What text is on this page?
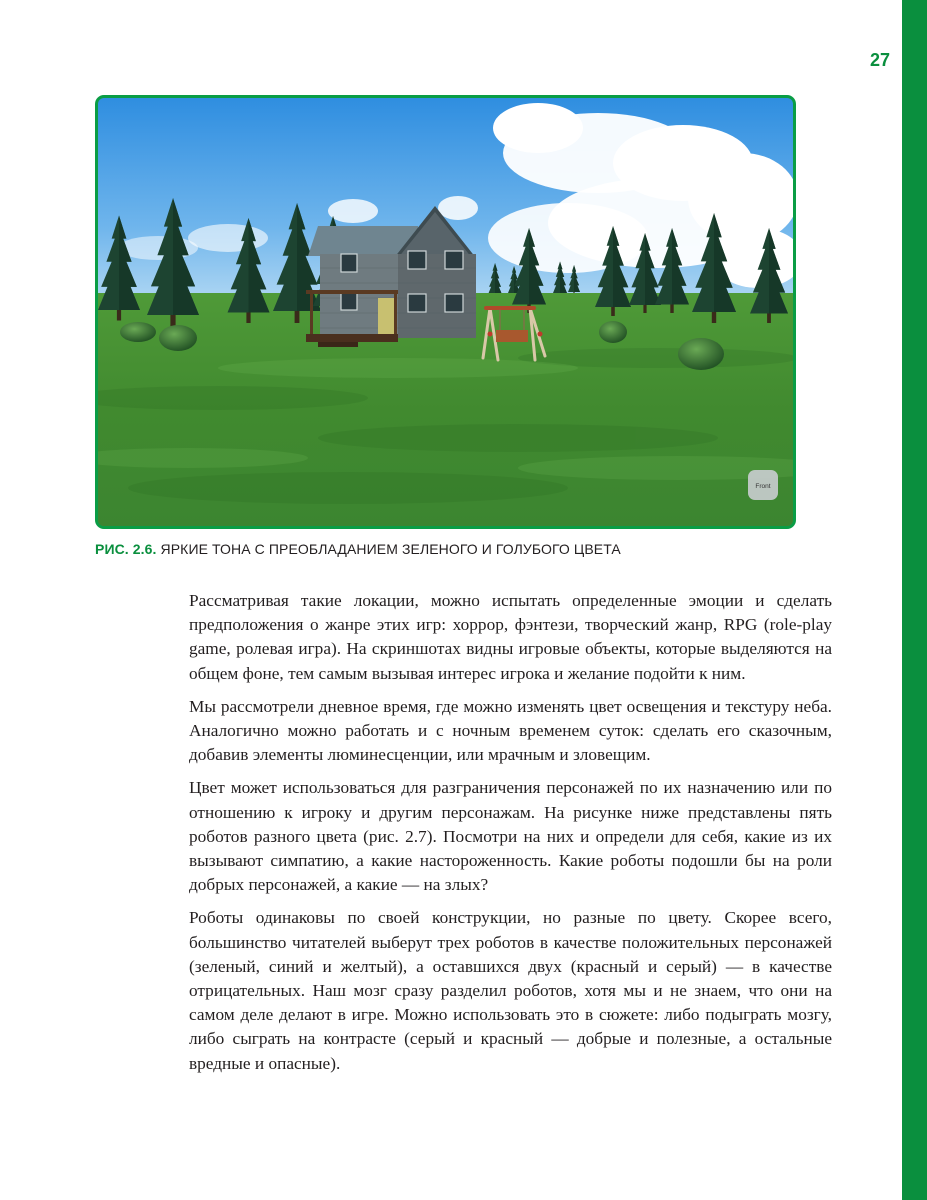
27
Front
РИС. 2.6. ЯРКИЕ ТОНА С ПРЕОБЛАДАНИЕМ ЗЕЛЕНОГО И ГОЛУБОГО ЦВЕТА

Рассматривая такие локации, можно испытать определенные эмоции и сделать предположения о жанре этих игр: хоррор, фэнтези, творческий жанр, RPG (role-play game, ролевая игра). На скриншотах видны игровые объекты, которые выделяются на общем фоне, тем самым вызывая интерес игрока и желание подойти к ним.

Мы рассмотрели дневное время, где можно изменять цвет освещения и текстуру неба. Аналогично можно работать и с ночным временем суток: сделать его сказочным, добавив элементы люминесценции, или мрачным и зловещим.

Цвет может использоваться для разграничения персонажей по их назначению или по отношению к игроку и другим персонажам. На рисунке ниже представлены пять роботов разного цвета (рис. 2.7). Посмотри на них и определи для себя, какие из их вызывают симпатию, а какие настороженность. Какие роботы подошли бы на роли добрых персонажей, а какие — на злых?

Роботы одинаковы по своей конструкции, но разные по цвету. Скорее всего, большинство читателей выберут трех роботов в качестве положительных персонажей (зеленый, синий и желтый), а оставшихся двух (красный и серый) — в качестве отрицательных. Наш мозг сразу разделил роботов, хотя мы и не знаем, что они на самом деле делают в игре. Можно использовать это в сюжете: либо подыграть мозгу, либо сыграть на контрасте (серый и красный — добрые и полезные, а остальные вредные и опасные).
